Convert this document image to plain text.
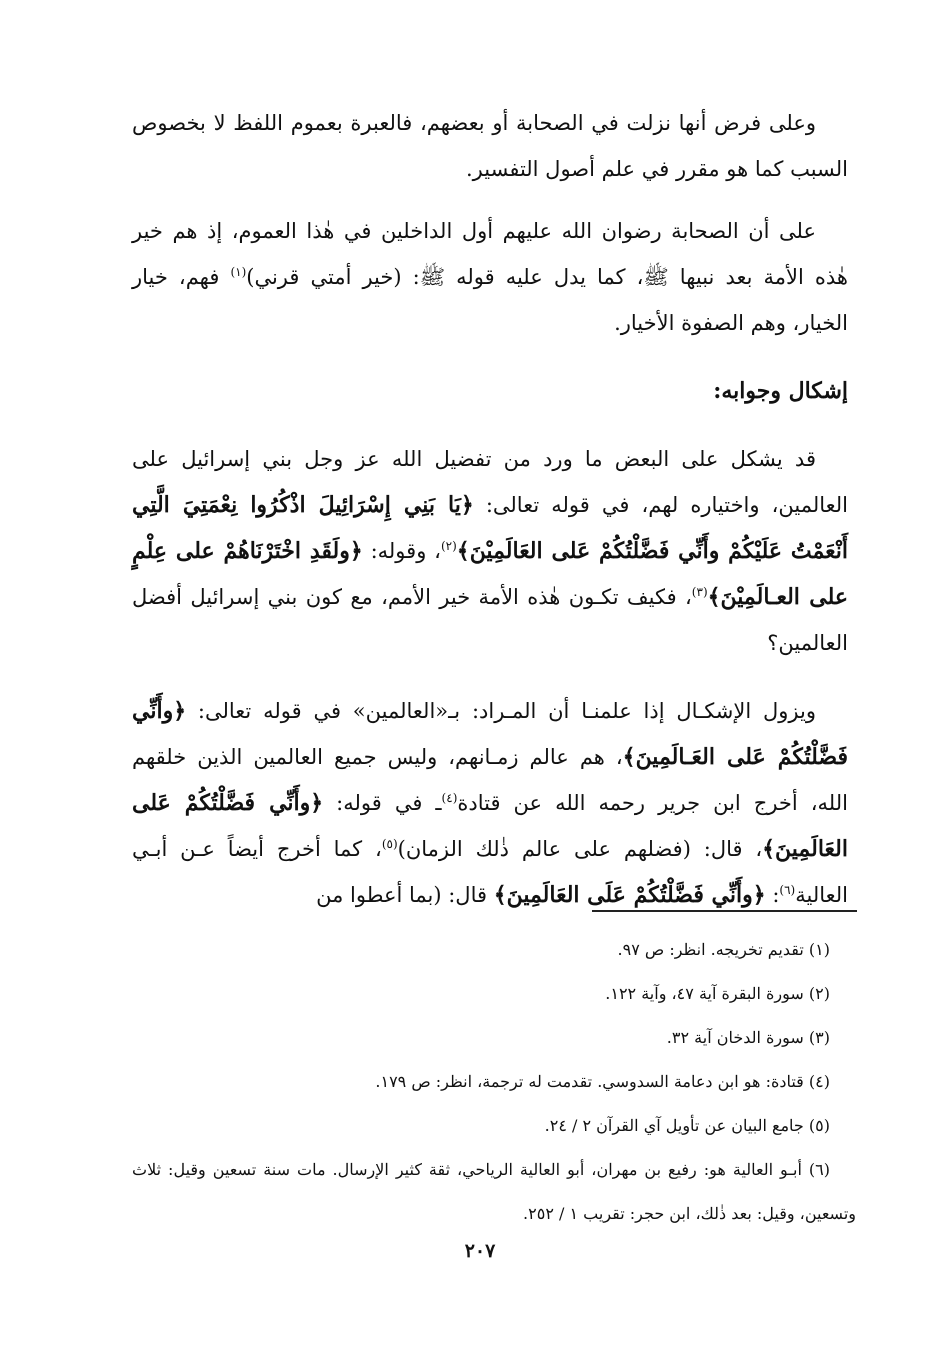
وعلى فرض أنها نزلت في الصحابة أو بعضهم، فالعبرة بعموم اللفظ لا بخصوص السبب كما هو مقرر في علم أصول التفسير.

على أن الصحابة رضوان الله عليهم أول الداخلين في هٰذا العموم، إذ هم خير هٰذه الأمة بعد نبيها ﷺ، كما يدل عليه قوله ﷺ: (خير أمتي قرني)$^{(١)}$ فهم، خيار الخيار، وهم الصفوة الأخيار.

إشكال وجوابه:

قد يشكل على البعض ما ورد من تفضيل الله عز وجل بني إسرائيل على العالمين، واختياره لهم، في قوله تعالى: ﴿يَا بَنِي إِسْرَائِيلَ اذْكُرُوا نِعْمَتِيَ الَّتِي أَنْعَمْتُ عَلَيْكُمْ وأَنِّي فَضَّلْتُكُمْ عَلى العَالَمِيْنَ﴾$^{(٢)}$، وقوله: ﴿ولَقَدِ اخْتَرْنَاهُمْ على عِلْمٍ على العـالَمِيْنَ﴾$^{(٣)}$، فكيف تكـون هٰذه الأمة خير الأمم، مع كون بني إسرائيل أفضل العالمين؟

ويزول الإشكـال إذا علمنـا أن المـراد: بـ«العالمين» في قوله تعالى: ﴿وأَنِّي فَضَّلْتُكُمْ عَلى العَـالَمِينَ﴾، هم عالم زمـانهم، وليس جميع العالمين الذين خلقهم الله، أخرج ابن جرير رحمه الله عن قتادة$^{(٤)}$ـ في قوله: ﴿وأَنِّي فَضَّلْتُكُمْ عَلى العَالَمِينَ﴾، قال: (فضلهم على عالم ذٰلك الزمان)$^{(٥)}$، كما أخرج أيضاً عـن أبـي العالية$^{(٦)}$: ﴿وأَنِّي فَضَّلْتُكُمْ عَلَى العَالَمِينَ﴾ قال: (بما أعطوا من

(١) تقديم تخريجه. انظر: ص ٩٧.

(٢) سورة البقرة آية ٤٧، وآية ١٢٢.

(٣) سورة الدخان آية ٣٢.

(٤) قتادة: هو ابن دعامة السدوسي. تقدمت له ترجمة، انظر: ص ١٧٩.

(٥) جامع البيان عن تأويل آي القرآن ٢ / ٢٤.

(٦) أبـو العالية هو: رفيع بن مهران، أبو العالية الرياحي، ثقة كثير الإرسال. مات سنة تسعين وقيل: ثلاث وتسعين، وقيل: بعد ذٰلك، ابن حجر: تقريب ١ / ٢٥٢.

٢٠٧
